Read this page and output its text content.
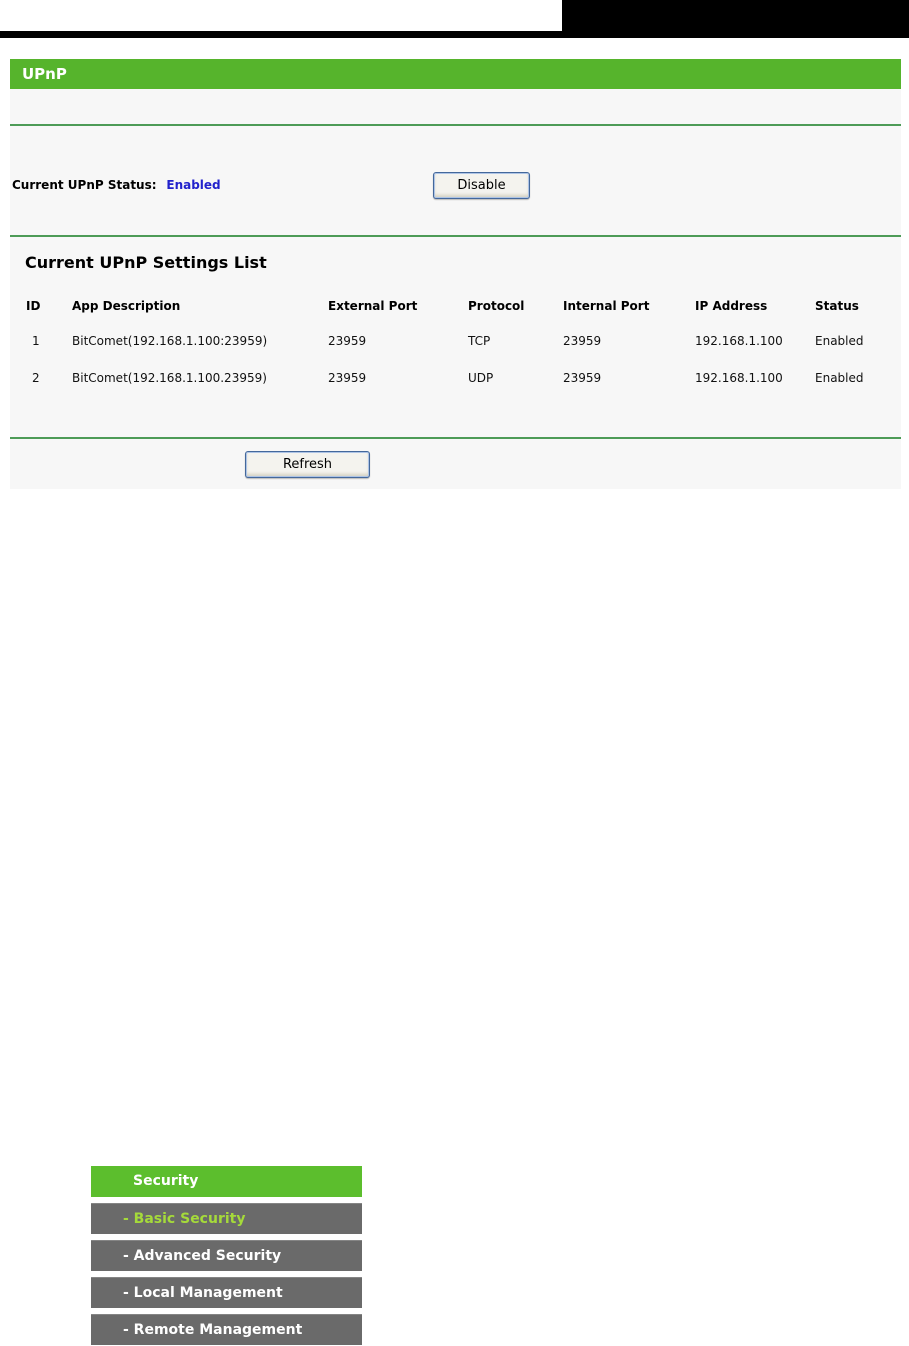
UPnP
Current UPnP Status: Enabled	Disable
Current UPnP Settings List
ID	App Description	External Port	Protocol	Internal Port	IP Address	Status
1	BitComet(192.168.1.100:23959)	23959	TCP	23959	192.168.1.100	Enabled
2	BitComet(192.168.1.100.23959)	23959	UDP	23959	192.168.1.100	Enabled
Refresh
Security
- Basic Security
- Advanced Security
- Local Management
- Remote Management
